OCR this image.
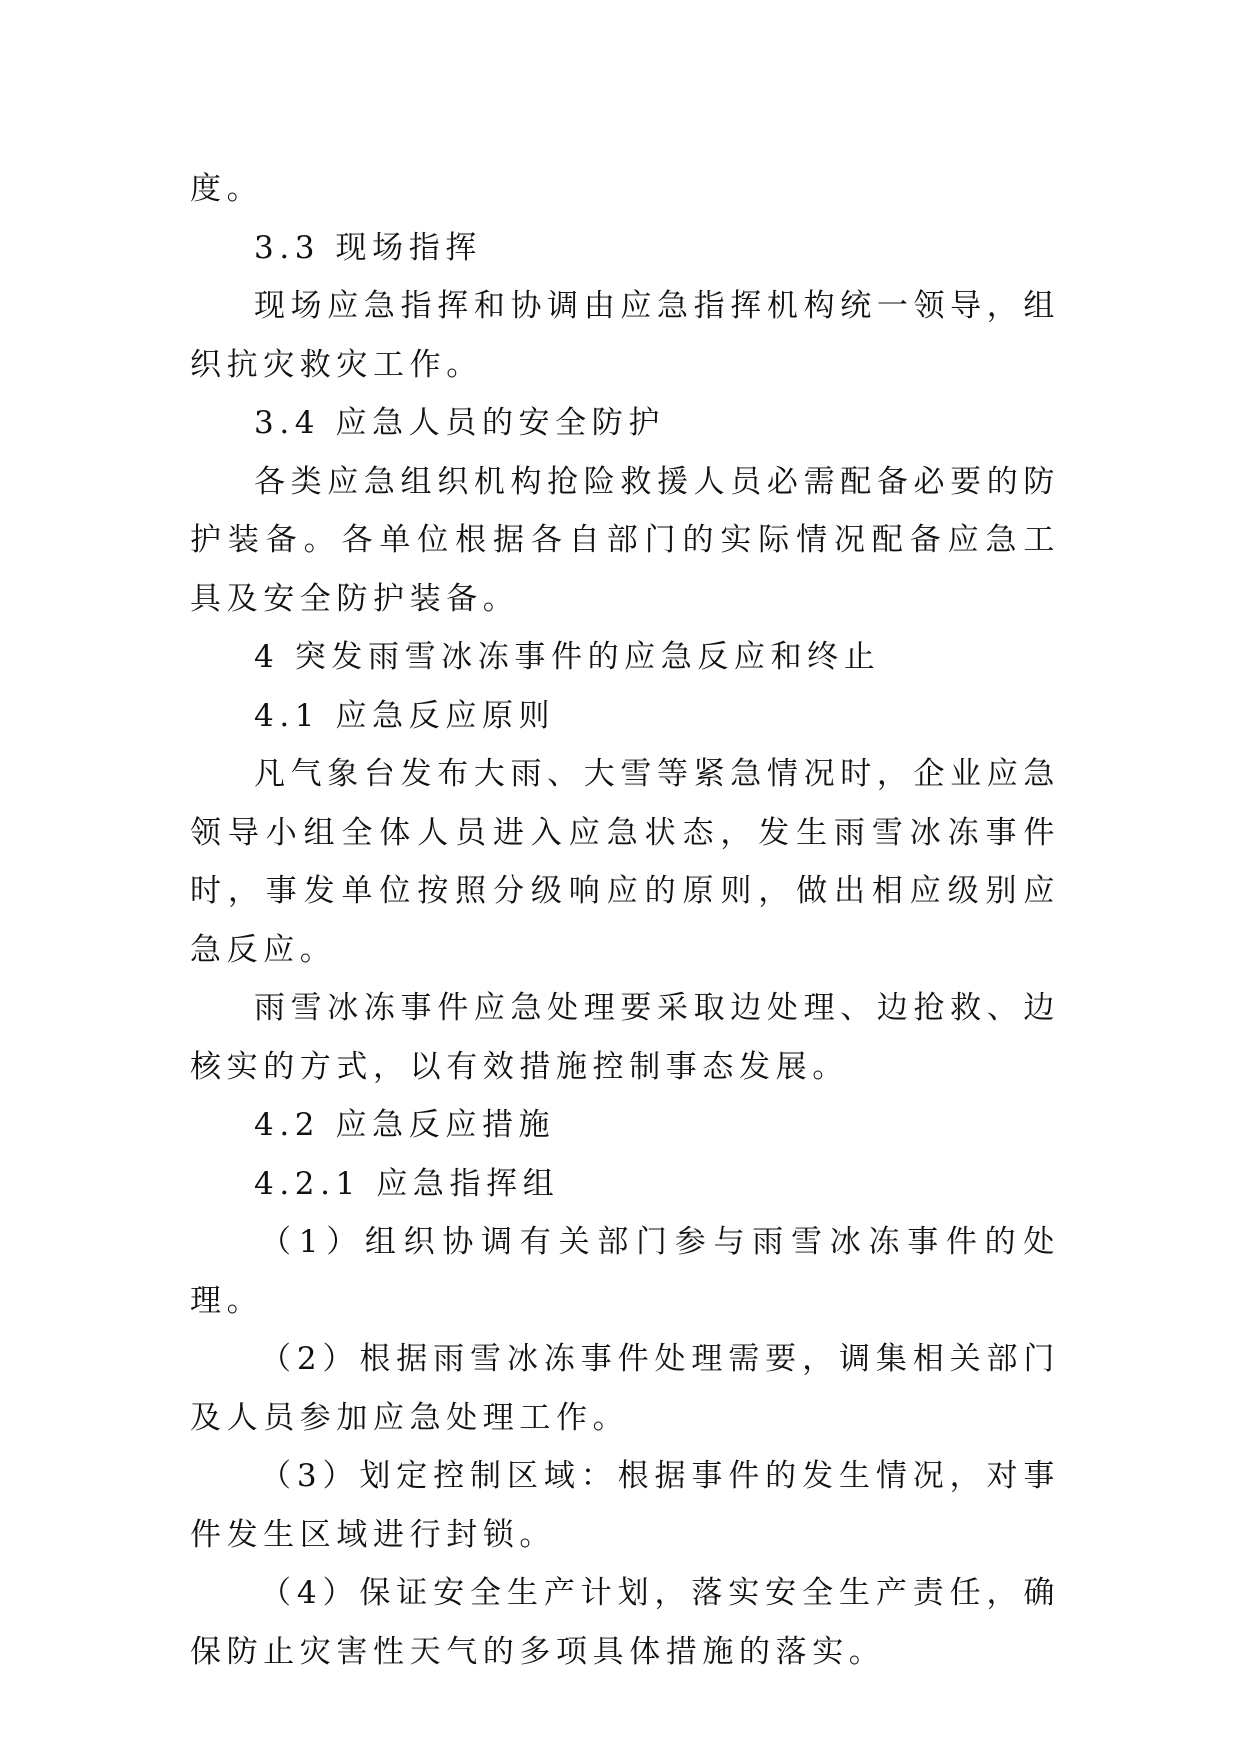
度。

3.3 现场指挥

现场应急指挥和协调由应急指挥机构统一领导，组织抗灾救灾工作。

3.4 应急人员的安全防护

各类应急组织机构抢险救援人员必需配备必要的防护装备。各单位根据各自部门的实际情况配备应急工具及安全防护装备。

4 突发雨雪冰冻事件的应急反应和终止

4.1 应急反应原则

凡气象台发布大雨、大雪等紧急情况时，企业应急领导小组全体人员进入应急状态，发生雨雪冰冻事件时，事发单位按照分级响应的原则，做出相应级别应急反应。

雨雪冰冻事件应急处理要采取边处理、边抢救、边核实的方式，以有效措施控制事态发展。

4.2 应急反应措施

4.2.1 应急指挥组

（1）组织协调有关部门参与雨雪冰冻事件的处理。

（2）根据雨雪冰冻事件处理需要，调集相关部门及人员参加应急处理工作。

（3）划定控制区域：根据事件的发生情况，对事件发生区域进行封锁。

（4）保证安全生产计划，落实安全生产责任，确保防止灾害性天气的多项具体措施的落实。
